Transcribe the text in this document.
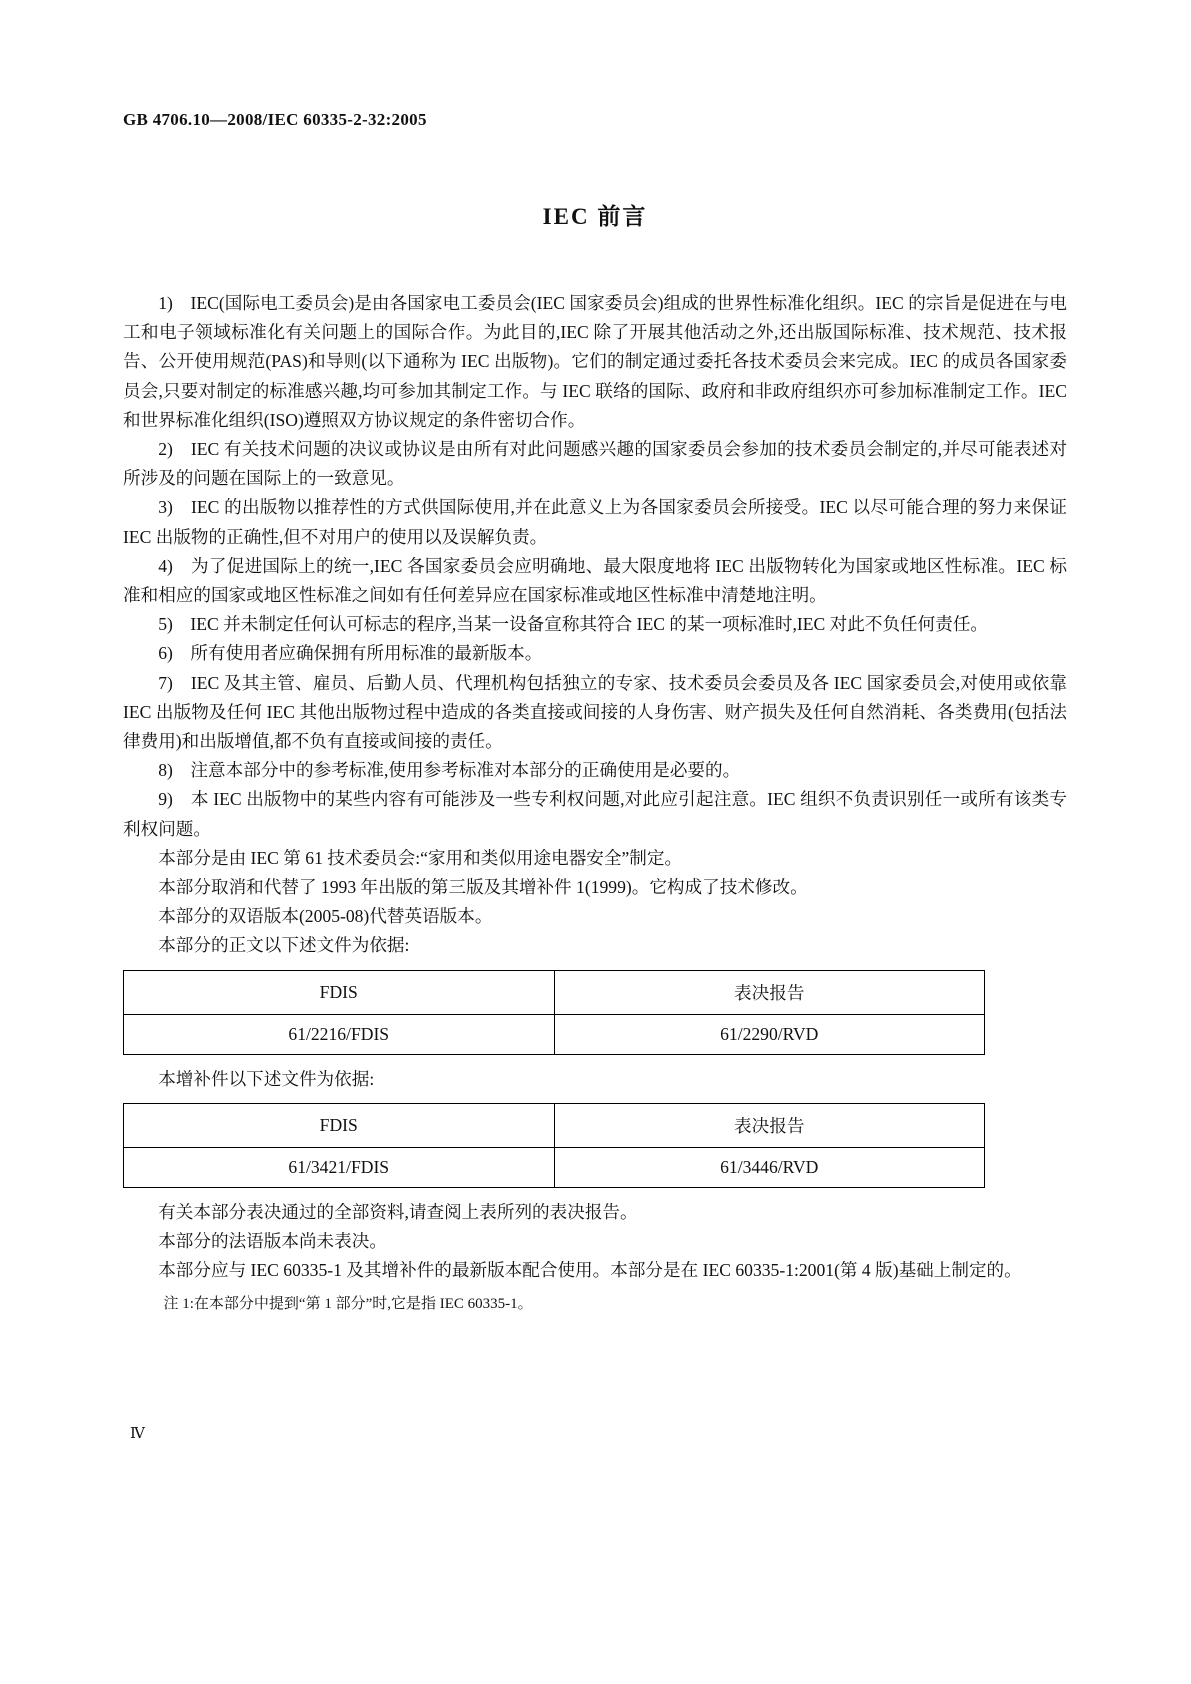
GB 4706.10—2008/IEC 60335-2-32:2005
IEC 前言

1)　IEC(国际电工委员会)是由各国家电工委员会(IEC 国家委员会)组成的世界性标准化组织。IEC 的宗旨是促进在与电工和电子领域标准化有关问题上的国际合作。为此目的,IEC 除了开展其他活动之外,还出版国际标准、技术规范、技术报告、公开使用规范(PAS)和导则(以下通称为 IEC 出版物)。它们的制定通过委托各技术委员会来完成。IEC 的成员各国家委员会,只要对制定的标准感兴趣,均可参加其制定工作。与 IEC 联络的国际、政府和非政府组织亦可参加标准制定工作。IEC 和世界标准化组织(ISO)遵照双方协议规定的条件密切合作。

2)　IEC 有关技术问题的决议或协议是由所有对此问题感兴趣的国家委员会参加的技术委员会制定的,并尽可能表述对所涉及的问题在国际上的一致意见。

3)　IEC 的出版物以推荐性的方式供国际使用,并在此意义上为各国家委员会所接受。IEC 以尽可能合理的努力来保证 IEC 出版物的正确性,但不对用户的使用以及误解负责。

4)　为了促进国际上的统一,IEC 各国家委员会应明确地、最大限度地将 IEC 出版物转化为国家或地区性标准。IEC 标准和相应的国家或地区性标准之间如有任何差异应在国家标准或地区性标准中清楚地注明。

5)　IEC 并未制定任何认可标志的程序,当某一设备宣称其符合 IEC 的某一项标准时,IEC 对此不负任何责任。

6)　所有使用者应确保拥有所用标准的最新版本。

7)　IEC 及其主管、雇员、后勤人员、代理机构包括独立的专家、技术委员会委员及各 IEC 国家委员会,对使用或依靠 IEC 出版物及任何 IEC 其他出版物过程中造成的各类直接或间接的人身伤害、财产损失及任何自然消耗、各类费用(包括法律费用)和出版增值,都不负有直接或间接的责任。

8)　注意本部分中的参考标准,使用参考标准对本部分的正确使用是必要的。

9)　本 IEC 出版物中的某些内容有可能涉及一些专利权问题,对此应引起注意。IEC 组织不负责识别任一或所有该类专利权问题。

本部分是由 IEC 第 61 技术委员会:“家用和类似用途电器安全”制定。

本部分取消和代替了 1993 年出版的第三版及其增补件 1(1999)。它构成了技术修改。

本部分的双语版本(2005-08)代替英语版本。

本部分的正文以下述文件为依据:

FDIS	表决报告
61/2216/FDIS	61/2290/RVD

本增补件以下述文件为依据:

FDIS	表决报告
61/3421/FDIS	61/3446/RVD

有关本部分表决通过的全部资料,请查阅上表所列的表决报告。

本部分的法语版本尚未表决。

本部分应与 IEC 60335-1 及其增补件的最新版本配合使用。本部分是在 IEC 60335-1:2001(第 4 版)基础上制定的。

注 1:在本部分中提到“第 1 部分”时,它是指 IEC 60335-1。

Ⅳ
